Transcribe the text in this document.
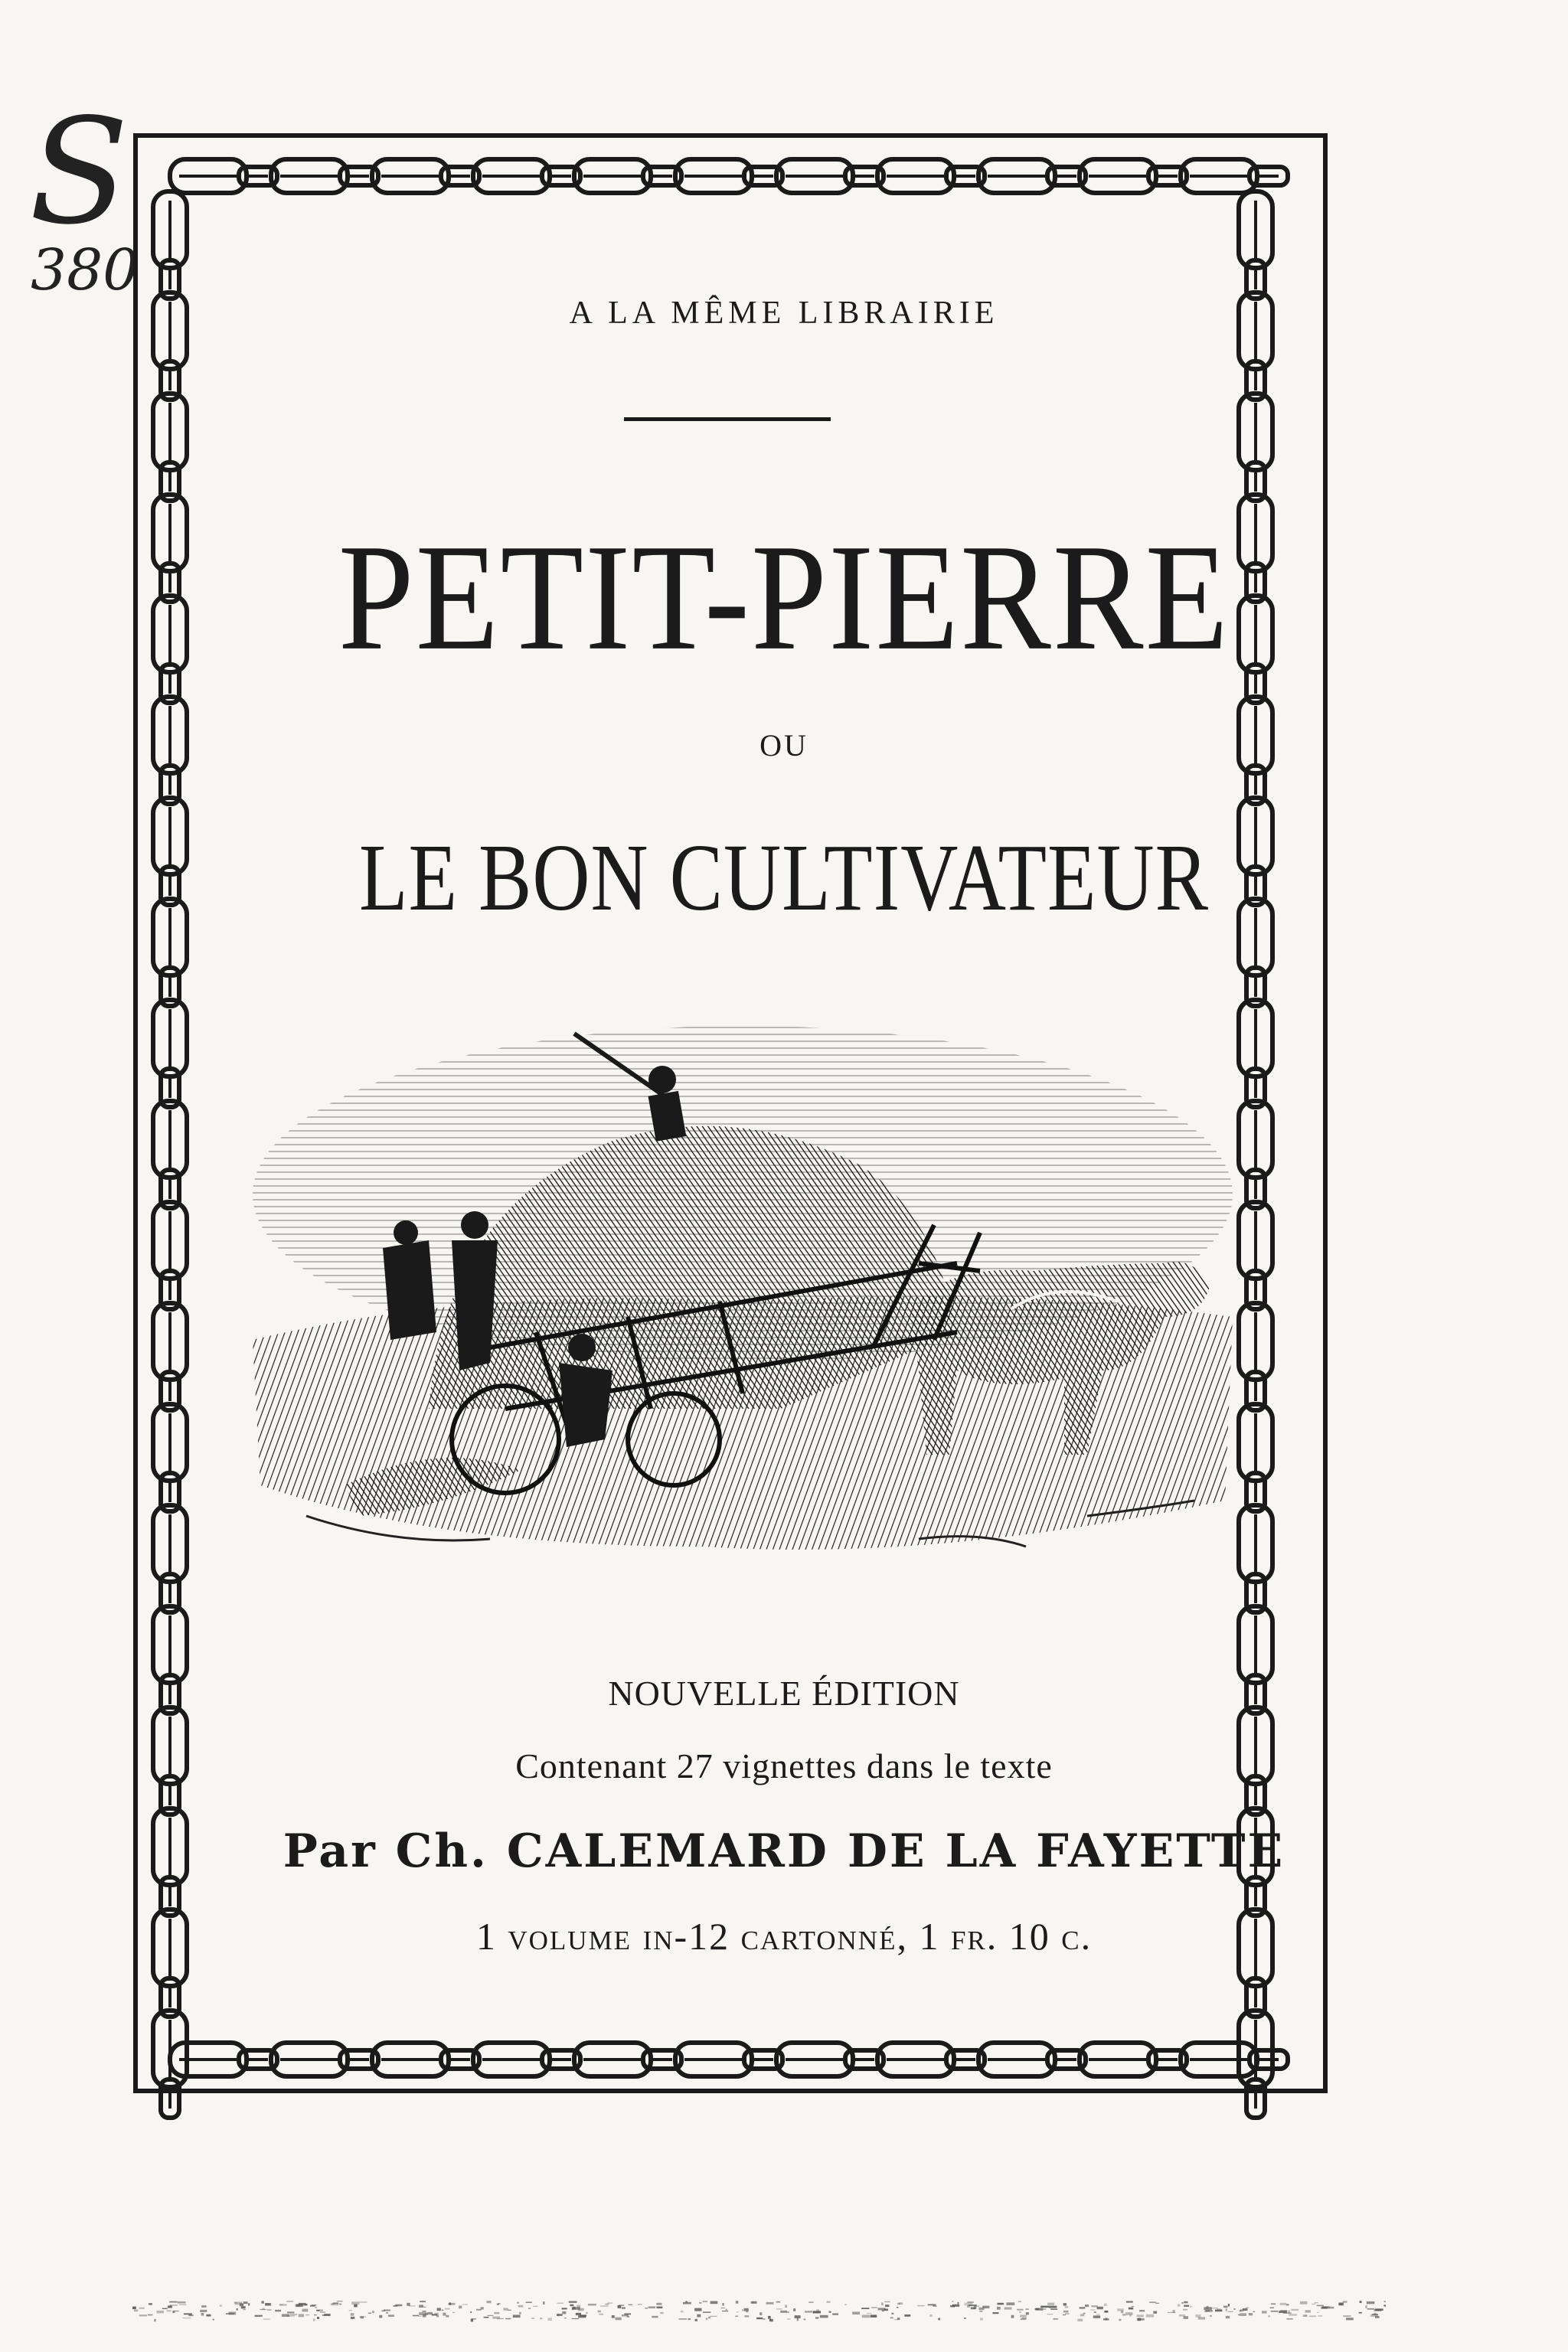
S
380
A LA MÊME LIBRAIRIE
PETIT-PIERRE
OU
LE BON CULTIVATEUR
NOUVELLE ÉDITION
Contenant 27 vignettes dans le texte
Par Ch. CALEMARD DE LA FAYETTE
1 volume in-12 cartonné, 1 fr. 10 c.
